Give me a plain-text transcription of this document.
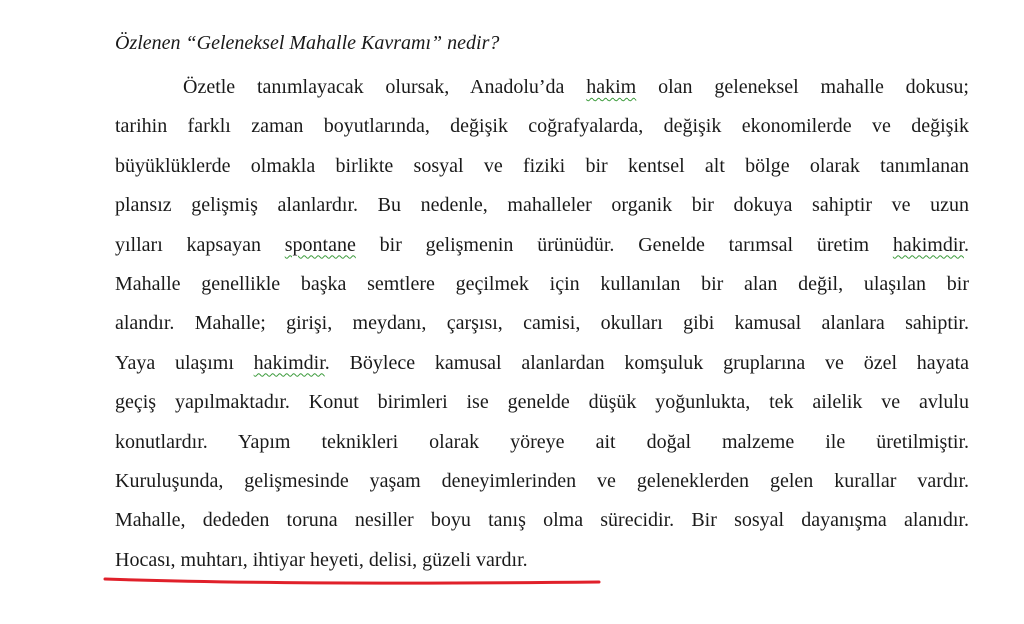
Özlenen “Geleneksel Mahalle Kavramı” nedir?
Özetle tanımlayacak olursak, Anadolu’da hakim olan geleneksel mahalle dokusu;
tarihin farklı zaman boyutlarında, değişik coğrafyalarda, değişik ekonomilerde ve değişik
büyüklüklerde olmakla birlikte sosyal ve fiziki bir kentsel alt bölge olarak tanımlanan
plansız gelişmiş alanlardır. Bu nedenle, mahalleler organik bir dokuya sahiptir ve uzun
yılları kapsayan spontane bir gelişmenin ürünüdür. Genelde tarımsal üretim hakimdir.
Mahalle genellikle başka semtlere geçilmek için kullanılan bir alan değil, ulaşılan bir
alandır. Mahalle; girişi, meydanı, çarşısı, camisi, okulları gibi kamusal alanlara sahiptir.
Yaya ulaşımı hakimdir. Böylece kamusal alanlardan komşuluk gruplarına ve özel hayata
geçiş yapılmaktadır. Konut birimleri ise genelde düşük yoğunlukta, tek ailelik ve avlulu
konutlardır. Yapım teknikleri olarak yöreye ait doğal malzeme ile üretilmiştir.
Kuruluşunda, gelişmesinde yaşam deneyimlerinden ve geleneklerden gelen kurallar vardır.
Mahalle, dededen toruna nesiller boyu tanış olma sürecidir. Bir sosyal dayanışma alanıdır.
Hocası, muhtarı, ihtiyar heyeti, delisi, güzeli vardır.
